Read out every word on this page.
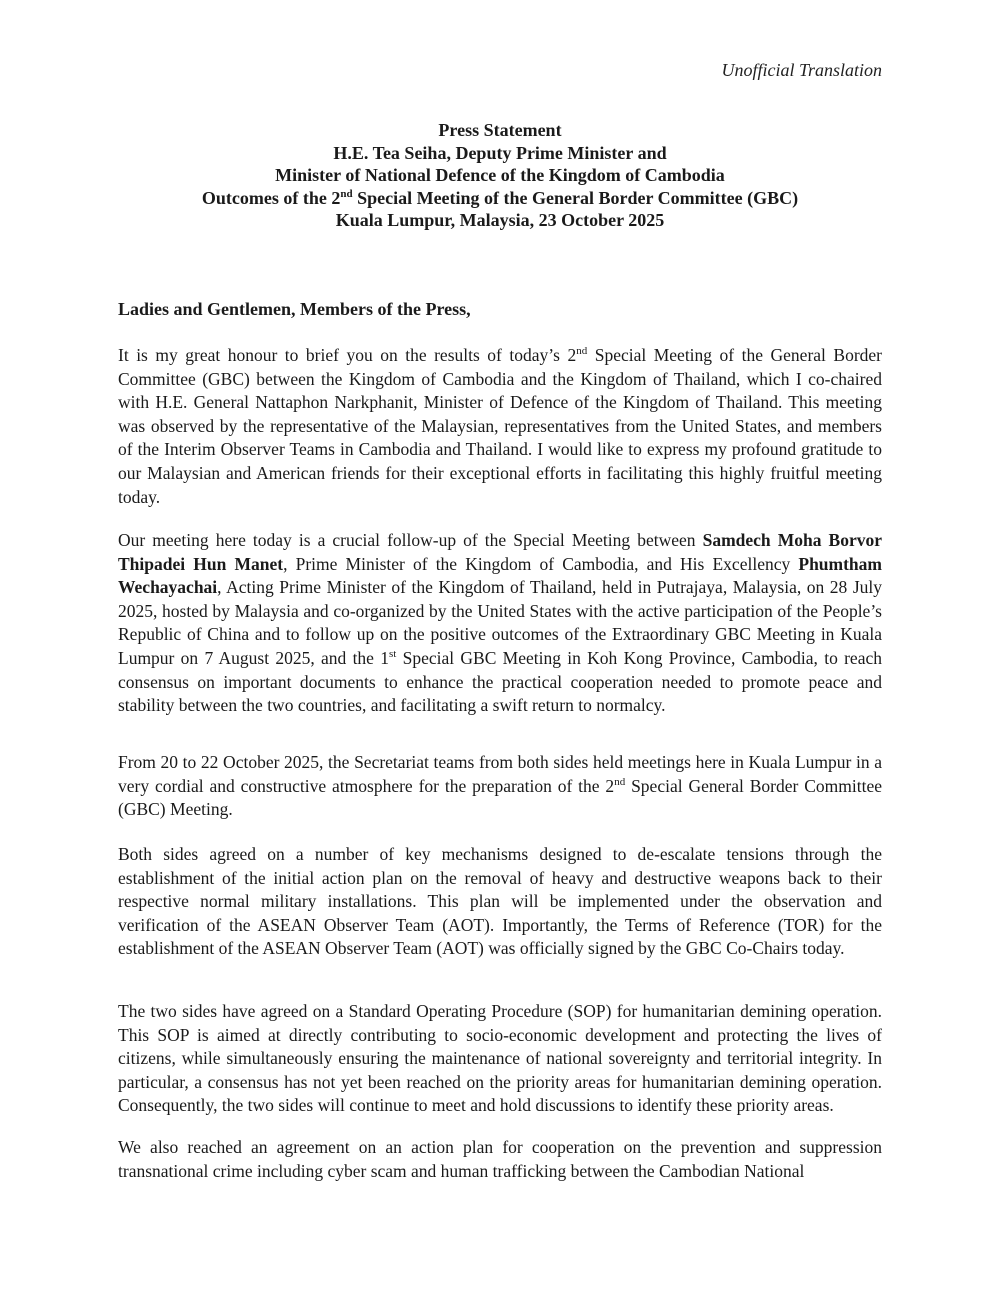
Unofficial Translation
Press Statement
H.E. Tea Seiha, Deputy Prime Minister and
Minister of National Defence of the Kingdom of Cambodia
Outcomes of the 2nd Special Meeting of the General Border Committee (GBC)
Kuala Lumpur, Malaysia, 23 October 2025
Ladies and Gentlemen, Members of the Press,

It is my great honour to brief you on the results of today’s 2nd Special Meeting of the General Border Committee (GBC) between the Kingdom of Cambodia and the Kingdom of Thailand, which I co-chaired with H.E. General Nattaphon Narkphanit, Minister of Defence of the Kingdom of Thailand. This meeting was observed by the representative of the Malaysian, representatives from the United States, and members of the Interim Observer Teams in Cambodia and Thailand. I would like to express my profound gratitude to our Malaysian and American friends for their exceptional efforts in facilitating this highly fruitful meeting today.

Our meeting here today is a crucial follow-up of the Special Meeting between Samdech Moha Borvor Thipadei Hun Manet, Prime Minister of the Kingdom of Cambodia, and His Excellency Phumtham Wechayachai, Acting Prime Minister of the Kingdom of Thailand, held in Putrajaya, Malaysia, on 28 July 2025, hosted by Malaysia and co-organized by the United States with the active participation of the People’s Republic of China and to follow up on the positive outcomes of the Extraordinary GBC Meeting in Kuala Lumpur on 7 August 2025, and the 1st Special GBC Meeting in Koh Kong Province, Cambodia, to reach consensus on important documents to enhance the practical cooperation needed to promote peace and stability between the two countries, and facilitating a swift return to normalcy.

From 20 to 22 October 2025, the Secretariat teams from both sides held meetings here in Kuala Lumpur in a very cordial and constructive atmosphere for the preparation of the 2nd Special General Border Committee (GBC) Meeting.

Both sides agreed on a number of key mechanisms designed to de-escalate tensions through the establishment of the initial action plan on the removal of heavy and destructive weapons back to their respective normal military installations. This plan will be implemented under the observation and verification of the ASEAN Observer Team (AOT). Importantly, the Terms of Reference (TOR) for the establishment of the ASEAN Observer Team (AOT) was officially signed by the GBC Co-Chairs today.

The two sides have agreed on a Standard Operating Procedure (SOP) for humanitarian demining operation. This SOP is aimed at directly contributing to socio-economic development and protecting the lives of citizens, while simultaneously ensuring the maintenance of national sovereignty and territorial integrity. In particular, a consensus has not yet been reached on the priority areas for humanitarian demining operation. Consequently, the two sides will continue to meet and hold discussions to identify these priority areas.

We also reached an agreement on an action plan for cooperation on the prevention and suppression transnational crime including cyber scam and human trafficking between the Cambodian National
